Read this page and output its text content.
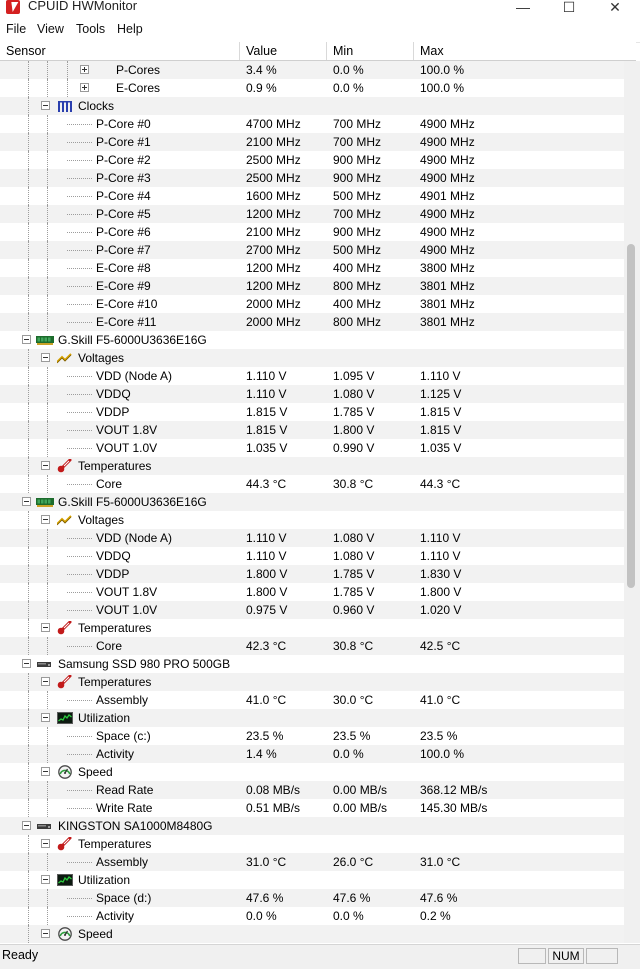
CPUID HWMonitor	—	☐	✕
File View Tools Help
Sensor	Value	Min	Max
P-Cores	3.4 %	0.0 %	100.0 %
E-Cores	0.9 %	0.0 %	100.0 %
Clocks
P-Core #0	4700 MHz	700 MHz	4900 MHz
P-Core #1	2100 MHz	700 MHz	4900 MHz
P-Core #2	2500 MHz	900 MHz	4900 MHz
P-Core #3	2500 MHz	900 MHz	4900 MHz
P-Core #4	1600 MHz	500 MHz	4901 MHz
P-Core #5	1200 MHz	700 MHz	4900 MHz
P-Core #6	2100 MHz	900 MHz	4900 MHz
P-Core #7	2700 MHz	500 MHz	4900 MHz
E-Core #8	1200 MHz	400 MHz	3800 MHz
E-Core #9	1200 MHz	800 MHz	3801 MHz
E-Core #10	2000 MHz	400 MHz	3801 MHz
E-Core #11	2000 MHz	800 MHz	3801 MHz
G.Skill F5-6000U3636E16G
Voltages
VDD (Node A)	1.110 V	1.095 V	1.110 V
VDDQ	1.110 V	1.080 V	1.125 V
VDDP	1.815 V	1.785 V	1.815 V
VOUT 1.8V	1.815 V	1.800 V	1.815 V
VOUT 1.0V	1.035 V	0.990 V	1.035 V
Temperatures
Core	44.3 °C	30.8 °C	44.3 °C
G.Skill F5-6000U3636E16G
Voltages
VDD (Node A)	1.110 V	1.080 V	1.110 V
VDDQ	1.110 V	1.080 V	1.110 V
VDDP	1.800 V	1.785 V	1.830 V
VOUT 1.8V	1.800 V	1.785 V	1.800 V
VOUT 1.0V	0.975 V	0.960 V	1.020 V
Temperatures
Core	42.3 °C	30.8 °C	42.5 °C
Samsung SSD 980 PRO 500GB
Temperatures
Assembly	41.0 °C	30.0 °C	41.0 °C
Utilization
Space (c:)	23.5 %	23.5 %	23.5 %
Activity	1.4 %	0.0 %	100.0 %
Speed
Read Rate	0.08 MB/s	0.00 MB/s	368.12 MB/s
Write Rate	0.51 MB/s	0.00 MB/s	145.30 MB/s
KINGSTON SA1000M8480G
Temperatures
Assembly	31.0 °C	26.0 °C	31.0 °C
Utilization
Space (d:)	47.6 %	47.6 %	47.6 %
Activity	0.0 %	0.0 %	0.2 %
Speed
Ready	NUM
